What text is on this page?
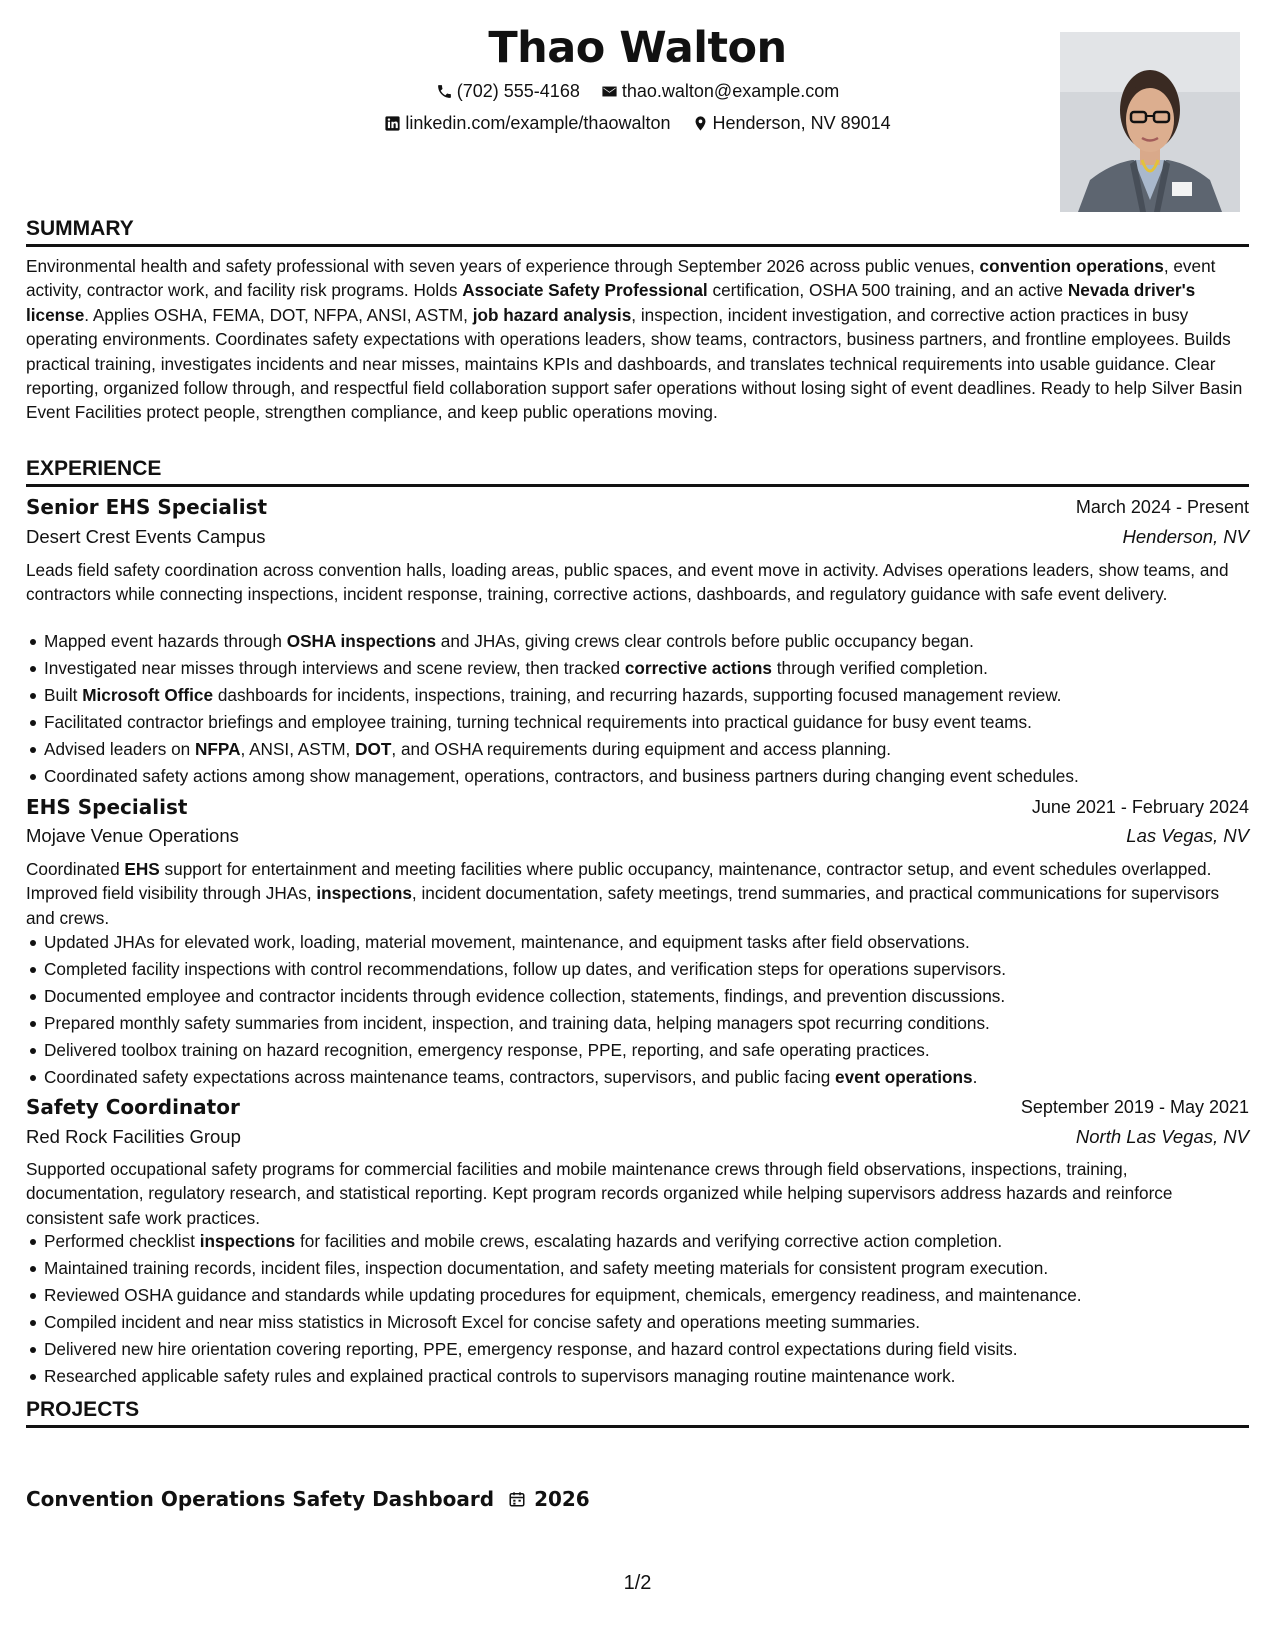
Thao Walton
(702) 555-4168
thao.walton@example.com
linkedin.com/example/thaowalton
Henderson, NV 89014
SUMMARY
Environmental health and safety professional with seven years of experience through September 2026 across public venues, convention operations, event activity, contractor work, and facility risk programs. Holds Associate Safety Professional certification, OSHA 500 training, and an active Nevada driver's license. Applies OSHA, FEMA, DOT, NFPA, ANSI, ASTM, job hazard analysis, inspection, incident investigation, and corrective action practices in busy operating environments. Coordinates safety expectations with operations leaders, show teams, contractors, business partners, and frontline employees. Builds practical training, investigates incidents and near misses, maintains KPIs and dashboards, and translates technical requirements into usable guidance. Clear reporting, organized follow through, and respectful field collaboration support safer operations without losing sight of event deadlines. Ready to help Silver Basin Event Facilities protect people, strengthen compliance, and keep public operations moving.
EXPERIENCE
Senior EHS Specialist	March 2024 - Present
Desert Crest Events Campus	Henderson, NV
Leads field safety coordination across convention halls, loading areas, public spaces, and event move in activity. Advises operations leaders, show teams, and contractors while connecting inspections, incident response, training, corrective actions, dashboards, and regulatory guidance with safe event delivery.
Mapped event hazards through OSHA inspections and JHAs, giving crews clear controls before public occupancy began.
Investigated near misses through interviews and scene review, then tracked corrective actions through verified completion.
Built Microsoft Office dashboards for incidents, inspections, training, and recurring hazards, supporting focused management review.
Facilitated contractor briefings and employee training, turning technical requirements into practical guidance for busy event teams.
Advised leaders on NFPA, ANSI, ASTM, DOT, and OSHA requirements during equipment and access planning.
Coordinated safety actions among show management, operations, contractors, and business partners during changing event schedules.
EHS Specialist	June 2021 - February 2024
Mojave Venue Operations	Las Vegas, NV
Coordinated EHS support for entertainment and meeting facilities where public occupancy, maintenance, contractor setup, and event schedules overlapped. Improved field visibility through JHAs, inspections, incident documentation, safety meetings, trend summaries, and practical communications for supervisors and crews.
Updated JHAs for elevated work, loading, material movement, maintenance, and equipment tasks after field observations.
Completed facility inspections with control recommendations, follow up dates, and verification steps for operations supervisors.
Documented employee and contractor incidents through evidence collection, statements, findings, and prevention discussions.
Prepared monthly safety summaries from incident, inspection, and training data, helping managers spot recurring conditions.
Delivered toolbox training on hazard recognition, emergency response, PPE, reporting, and safe operating practices.
Coordinated safety expectations across maintenance teams, contractors, supervisors, and public facing event operations.
Safety Coordinator	September 2019 - May 2021
Red Rock Facilities Group	North Las Vegas, NV
Supported occupational safety programs for commercial facilities and mobile maintenance crews through field observations, inspections, training, documentation, regulatory research, and statistical reporting. Kept program records organized while helping supervisors address hazards and reinforce consistent safe work practices.
Performed checklist inspections for facilities and mobile crews, escalating hazards and verifying corrective action completion.
Maintained training records, incident files, inspection documentation, and safety meeting materials for consistent program execution.
Reviewed OSHA guidance and standards while updating procedures for equipment, chemicals, emergency readiness, and maintenance.
Compiled incident and near miss statistics in Microsoft Excel for concise safety and operations meeting summaries.
Delivered new hire orientation covering reporting, PPE, emergency response, and hazard control expectations during field visits.
Researched applicable safety rules and explained practical controls to supervisors managing routine maintenance work.
PROJECTS
Convention Operations Safety Dashboard 2026
1/2
